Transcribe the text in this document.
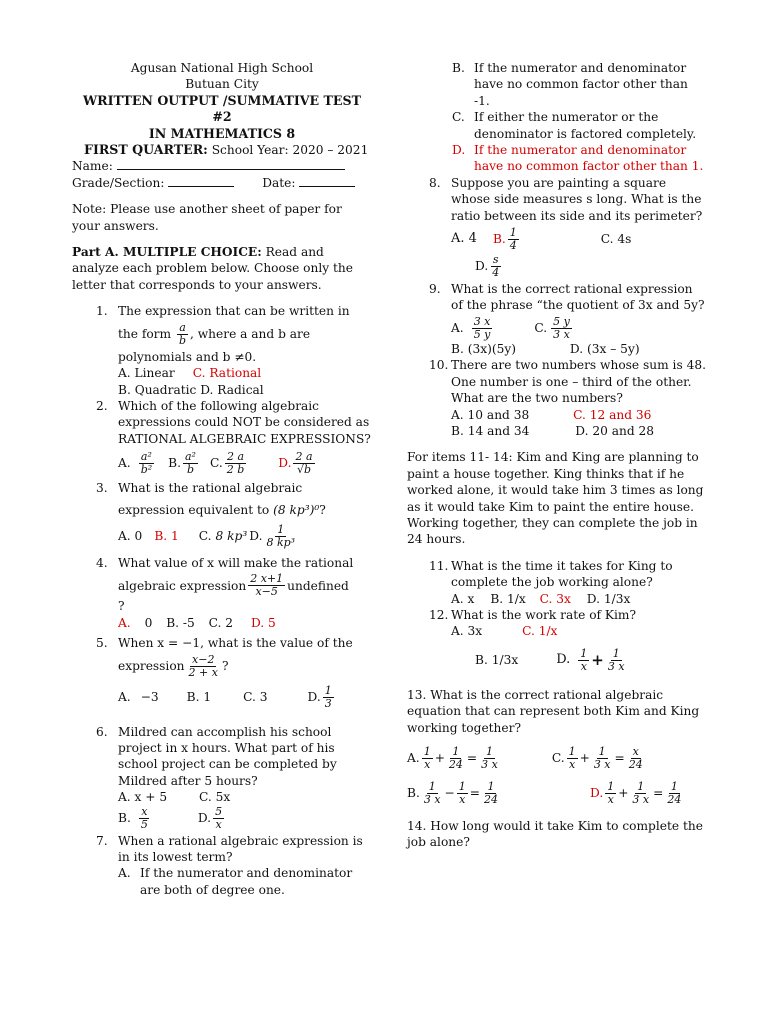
Agusan National High School

Butuan City

WRITTEN OUTPUT /SUMMATIVE TEST #2

IN MATHEMATICS 8

FIRST QUARTER: School Year: 2020 – 2021

Name:

Grade/Section:	Date:

Note: Please use another sheet of paper for your answers.

Part A. MULTIPLE CHOICE: Read and analyze each problem below. Choose only the letter that corresponds to your answers.

1. The expression that can be written in

the form $\frac{a}{b}$ , where a and b are

polynomials and b ≠0.

A. Linear C. Rational

B. Quadratic D. Radical

2. Which of the following algebraic expressions could NOT be considered as RATIONAL ALGEBRAIC EXPRESSIONS?

A. $\frac{\text{a²}}{\text{b²}} B$. $\frac{\text{a²}}{b} C$. $\frac{2 a}{2 b}$	D. $\frac{2 a}{√b}$
3. What is the rational algebraic

expression equivalent to (8 kp³)⁰?

A. 0 B. 1 C. 8 kp³ D. $\frac{1}{\text{8 kp³}}$
4. What value of x will make the rational

algebraic expression $\frac{2 x+1}{x-5}$ undefined

?

A. 0 B. -5 C. 2 D. 5

5. When x = −1, what is the value of the

expression $\frac{x-2}{2 + x}$ ?
A. −3 B. 1	C. 3	D. $\frac{1}{3}$
6. Mildred can accomplish his school project in x hours. What part of his school project can be completed by Mildred after 5 hours?

A. x + 5	C. 5x

B. $\frac{x}{5}$	D. $\frac{5}{x}$
7. When a rational algebraic expression is in its lowest term?

A. If the numerator and denominator are both of degree one.
B. If the numerator and denominator have no common factor other than -1.
C. If either the numerator or the denominator is factored completely.
D. If the numerator and denominator have no common factor other than 1.
8. Suppose you are painting a square whose side measures s long. What is the ratio between its side and its perimeter?

A. 4 B. $\frac{1}{4}$	C. 4s
D. $\frac{s}{4}$
9. What is the correct rational expression of the phrase “the quotient of 3x and 5y?

A. $\frac{3 x}{5 y}$	C. $\frac{5 y}{3 x}$

B. (3x)(5y)	D. (3x – 5y)

10. There are two numbers whose sum is 48. One number is one – third of the other. What are the two numbers?

A. 10 and 38	C. 12 and 36

B. 14 and 34	D. 20 and 28

For items 11- 14: Kim and King are planning to paint a house together. King thinks that if he worked alone, it would take him 3 times as long as it would take Kim to paint the entire house. Working together, they can complete the job in 24 hours.

11. What is the time it takes for King to complete the job working alone?

A. x B. 1/x C. 3x D. 1/3x

12. What is the work rate of Kim?

A. 3x	C. 1/x

B. 1/3x	D. $\frac{1}{x} + \frac{1}{3 x}$

13. What is the correct rational algebraic equation that can represent both Kim and King working together?

A. $\frac{1}{x} + \frac{1}{24} = \frac{1}{3 x}$	C. $\frac{1}{x} + \frac{1}{3 x} = \frac{x}{24}$
B. $\frac{1}{3 x} - \frac{1}{x} = \frac{1}{24}$	D. $\frac{1}{x} + \frac{1}{3 x} = \frac{1}{24}$

14. How long would it take Kim to complete the job alone?
